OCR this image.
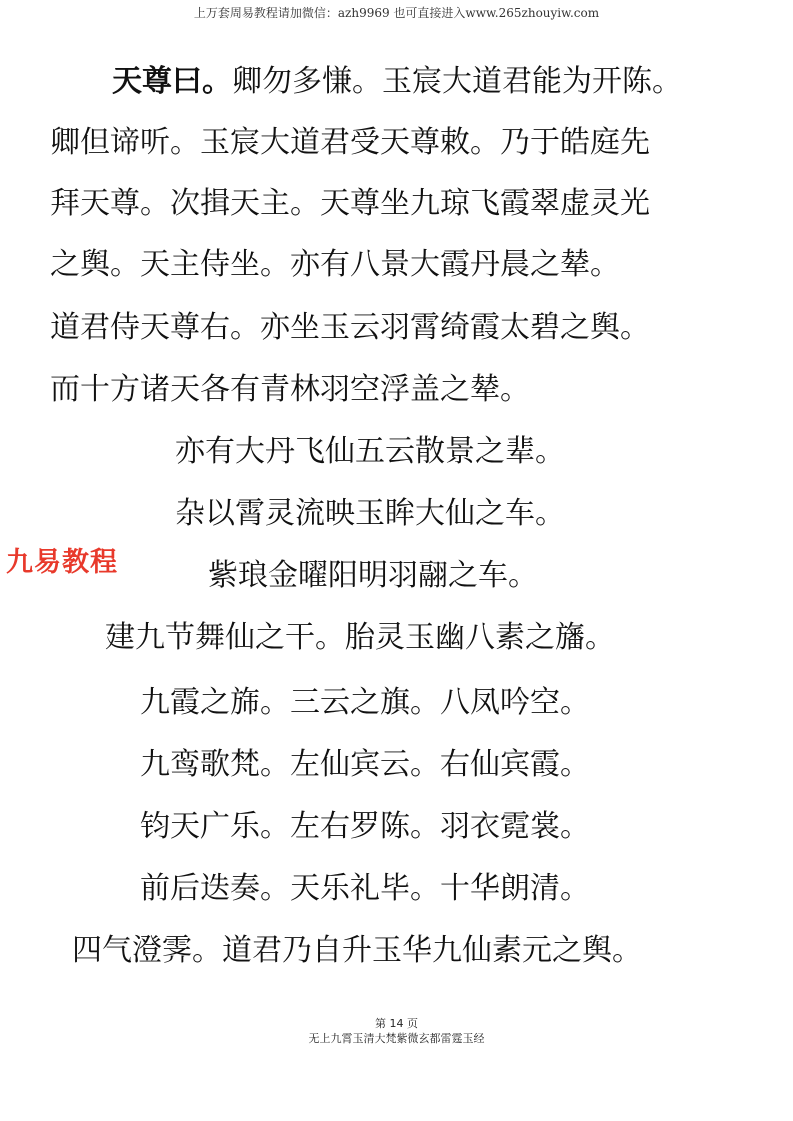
上万套周易教程请加微信：azh9969 也可直接进入www.265zhouyiw.com
九易教程
天尊曰。卿勿多慊。玉宸大道君能为开陈。
卿但谛听。玉宸大道君受天尊敕。乃于皓庭先
拜天尊。次揖天主。天尊坐九琼飞霞翠虚灵光
之舆。天主侍坐。亦有八景大霞丹晨之辇。
道君侍天尊右。亦坐玉云羽霄绮霞太碧之舆。
而十方诸天各有青林羽空浮盖之辇。
亦有大丹飞仙五云散景之辈。
杂以霄灵流映玉眸大仙之车。
紫琅金曜阳明羽翮之车。
建九节舞仙之干。胎灵玉幽八素之旛。
九霞之旆。三云之旗。八凤吟空。
九鸾歌梵。左仙宾云。右仙宾霞。
钧天广乐。左右罗陈。羽衣霓裳。
前后迭奏。天乐礼毕。十华朗清。
四气澄霁。道君乃自升玉华九仙素元之舆。
第 14 页
无上九霄玉清大梵紫微玄都雷霆玉经
